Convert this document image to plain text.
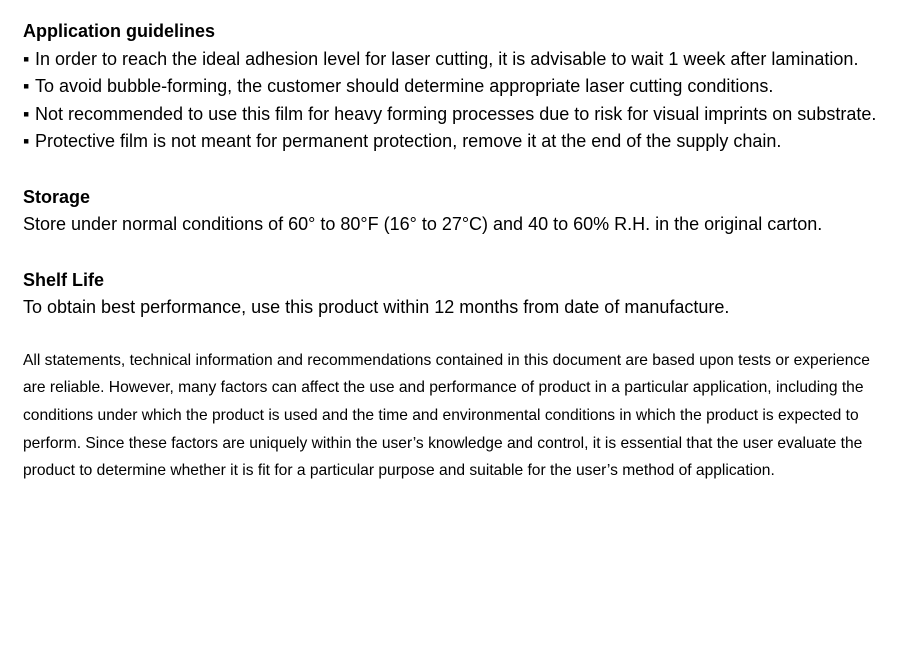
Application guidelines
▪ In order to reach the ideal adhesion level for laser cutting, it is advisable to wait 1 week after lamination.
▪ To avoid bubble-forming, the customer should determine appropriate laser cutting conditions.
▪ Not recommended to use this film for heavy forming processes due to risk for visual imprints on substrate.
▪ Protective film is not meant for permanent protection, remove it at the end of the supply chain.
Storage
Store under normal conditions of 60° to 80°F (16° to 27°C) and 40 to 60% R.H. in the original carton.
Shelf Life
To obtain best performance, use this product within 12 months from date of manufacture.
All statements, technical information and recommendations contained in this document are based upon tests or experience
are reliable. However, many factors can affect the use and performance of product in a particular application, including the
conditions under which the product is used and the time and environmental conditions in which the product is expected to
perform. Since these factors are uniquely within the user’s knowledge and control, it is essential that the user evaluate the
product to determine whether it is fit for a particular purpose and suitable for the user’s method of application.
